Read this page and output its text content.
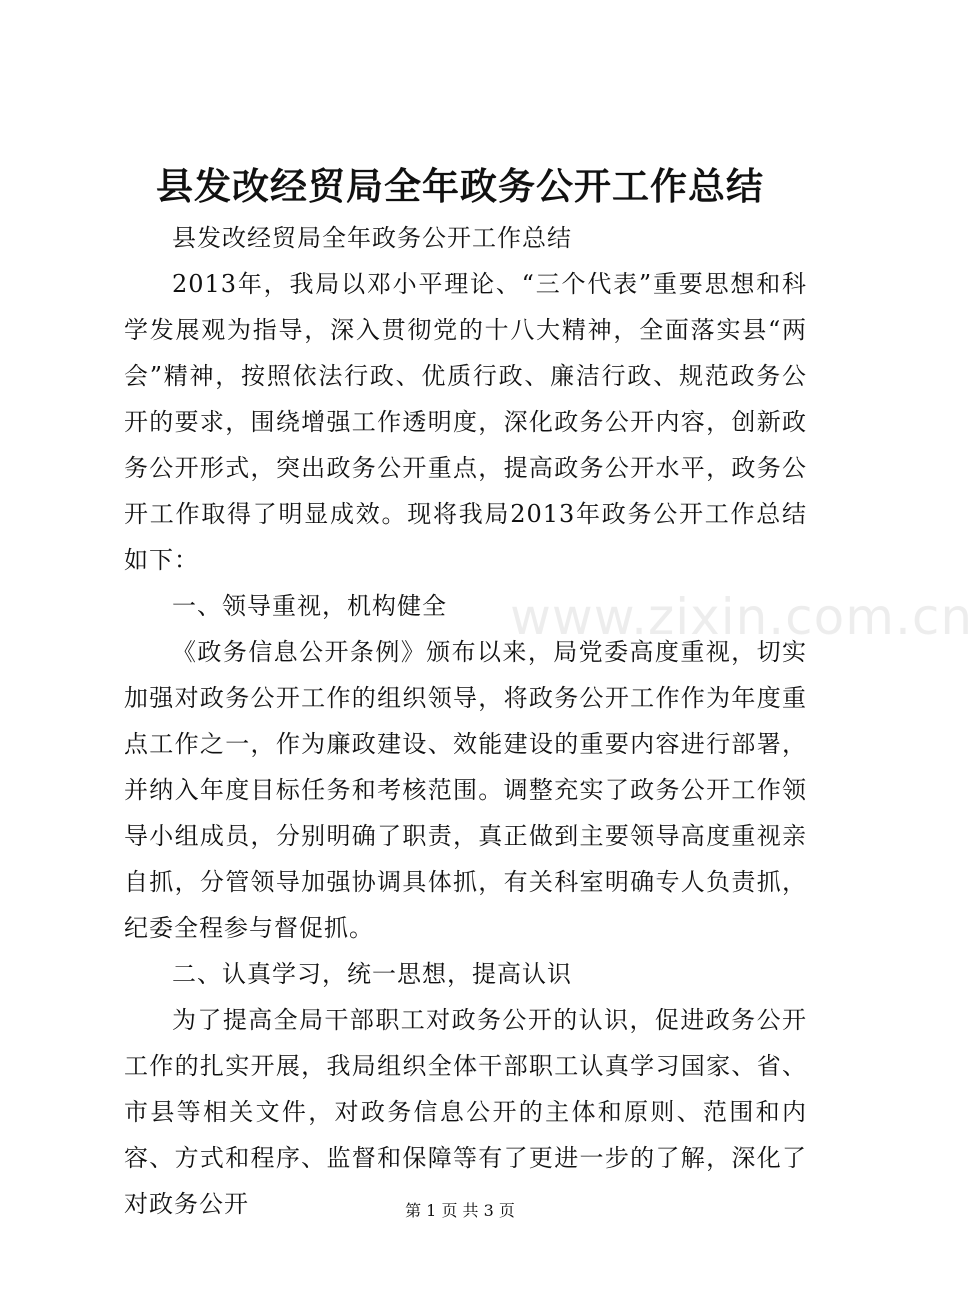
www.zixin.com.cn
县发改经贸局全年政务公开工作总结

县发改经贸局全年政务公开工作总结

2013年，我局以邓小平理论、“三个代表”重要思想和科学发展观为指导，深入贯彻党的十八大精神，全面落实县“两会”精神，按照依法行政、优质行政、廉洁行政、规范政务公开的要求，围绕增强工作透明度，深化政务公开内容，创新政务公开形式，突出政务公开重点，提高政务公开水平，政务公开工作取得了明显成效。现将我局2013年政务公开工作总结如下：

一、领导重视，机构健全

《政务信息公开条例》颁布以来，局党委高度重视，切实加强对政务公开工作的组织领导，将政务公开工作作为年度重点工作之一，作为廉政建设、效能建设的重要内容进行部署，并纳入年度目标任务和考核范围。调整充实了政务公开工作领导小组成员，分别明确了职责，真正做到主要领导高度重视亲自抓，分管领导加强协调具体抓，有关科室明确专人负责抓，纪委全程参与督促抓。

二、认真学习，统一思想，提高认识

为了提高全局干部职工对政务公开的认识，促进政务公开工作的扎实开展，我局组织全体干部职工认真学习国家、省、市县等相关文件，对政务信息公开的主体和原则、范围和内容、方式和程序、监督和保障等有了更进一步的了解，深化了对政务公开	第 1 页 共 3 页
